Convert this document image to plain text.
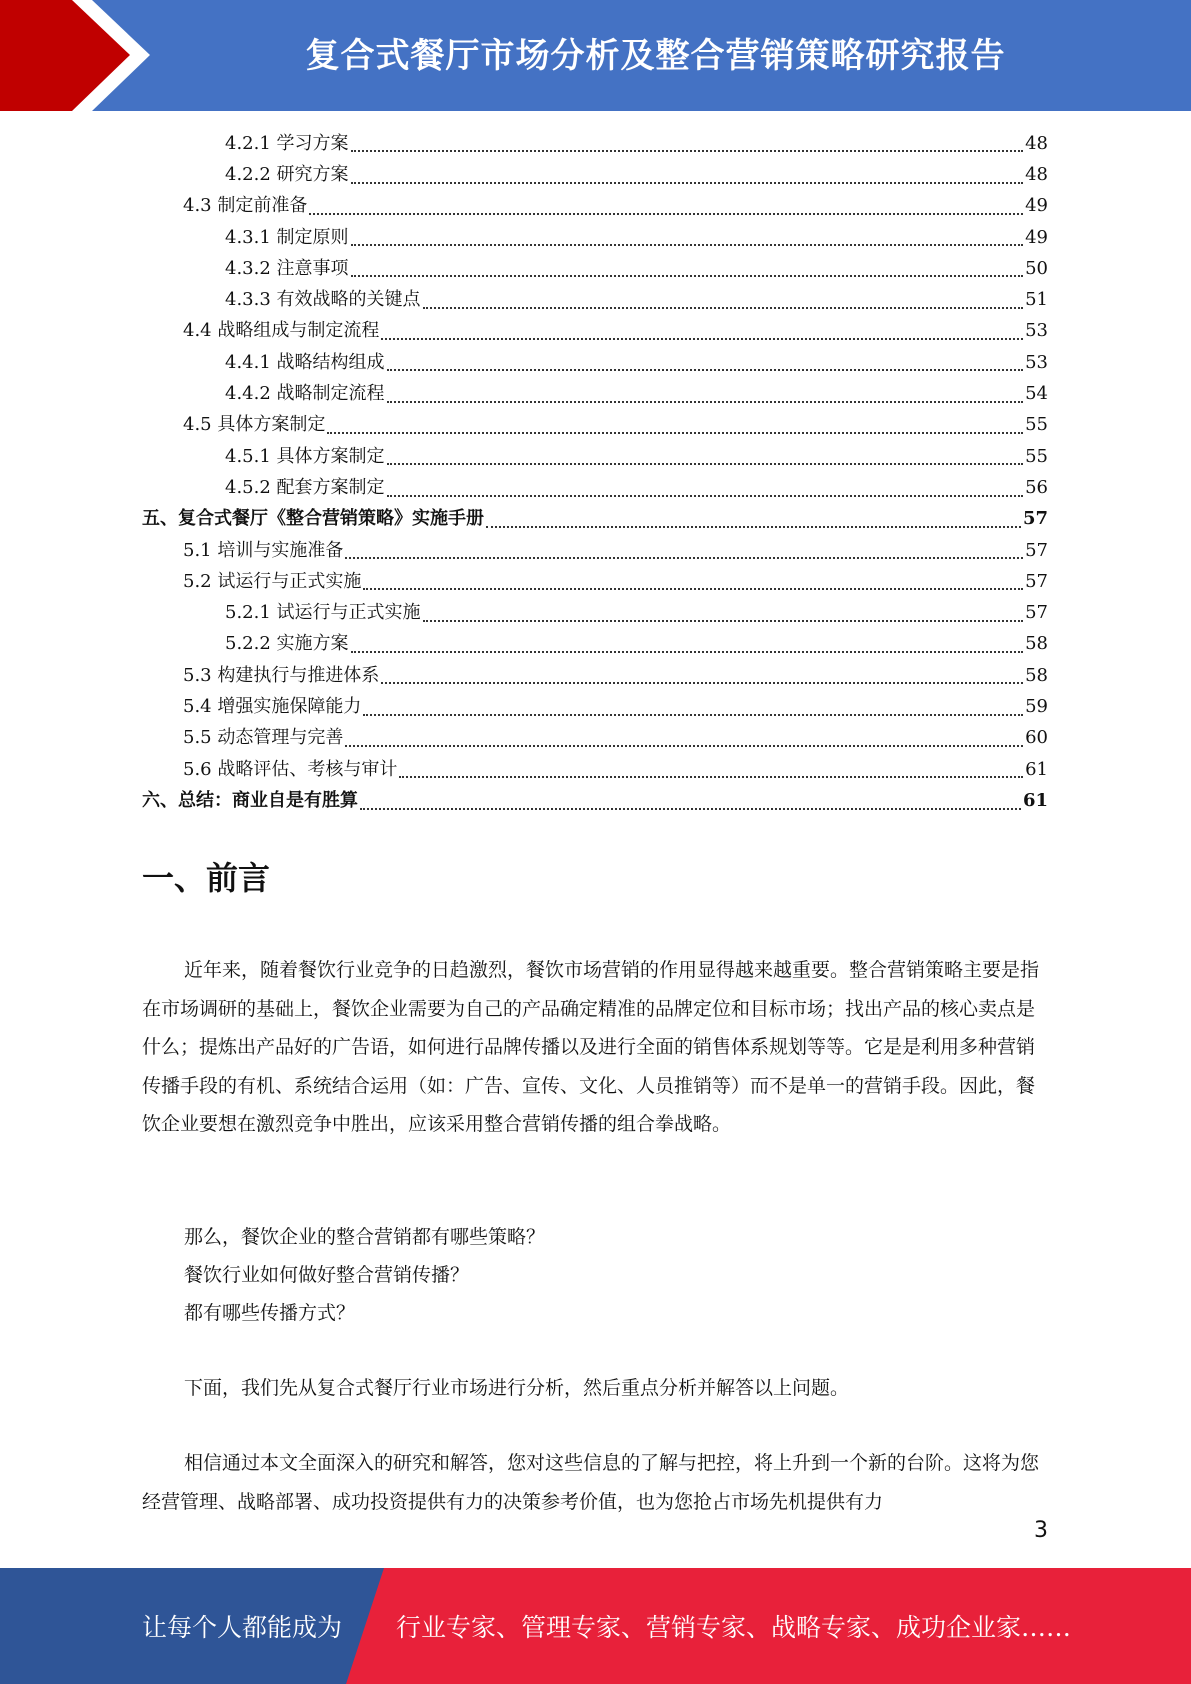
复合式餐厅市场分析及整合营销策略研究报告
4.2.1 学习方案	48
4.2.2 研究方案	48
4.3 制定前准备	49
4.3.1 制定原则	49
4.3.2 注意事项	50
4.3.3 有效战略的关键点	51
4.4 战略组成与制定流程	53
4.4.1 战略结构组成	53
4.4.2 战略制定流程	54
4.5 具体方案制定	55
4.5.1 具体方案制定	55
4.5.2 配套方案制定	56
五、复合式餐厅《整合营销策略》实施手册	57
5.1 培训与实施准备	57
5.2 试运行与正式实施	57
5.2.1 试运行与正式实施	57
5.2.2 实施方案	58
5.3 构建执行与推进体系	58
5.4 增强实施保障能力	59
5.5 动态管理与完善	60
5.6 战略评估、考核与审计	61
六、总结：商业自是有胜算	61
一、前言

近年来，随着餐饮行业竞争的日趋激烈，餐饮市场营销的作用显得越来越重要。整合营销策略主要是指在市场调研的基础上，餐饮企业需要为自己的产品确定精准的品牌定位和目标市场；找出产品的核心卖点是什么；提炼出产品好的广告语，如何进行品牌传播以及进行全面的销售体系规划等等。它是是利用多种营销传播手段的有机、系统结合运用（如：广告、宣传、文化、人员推销等）而不是单一的营销手段。因此，餐饮企业要想在激烈竞争中胜出，应该采用整合营销传播的组合拳战略。

那么，餐饮企业的整合营销都有哪些策略？
餐饮行业如何做好整合营销传播？
都有哪些传播方式？

下面，我们先从复合式餐厅行业市场进行分析，然后重点分析并解答以上问题。

相信通过本文全面深入的研究和解答，您对这些信息的了解与把控，将上升到一个新的台阶。这将为您经营管理、战略部署、成功投资提供有力的决策参考价值，也为您抢占市场先机提供有力

3
让每个人都能成为 行业专家、管理专家、营销专家、战略专家、成功企业家……
